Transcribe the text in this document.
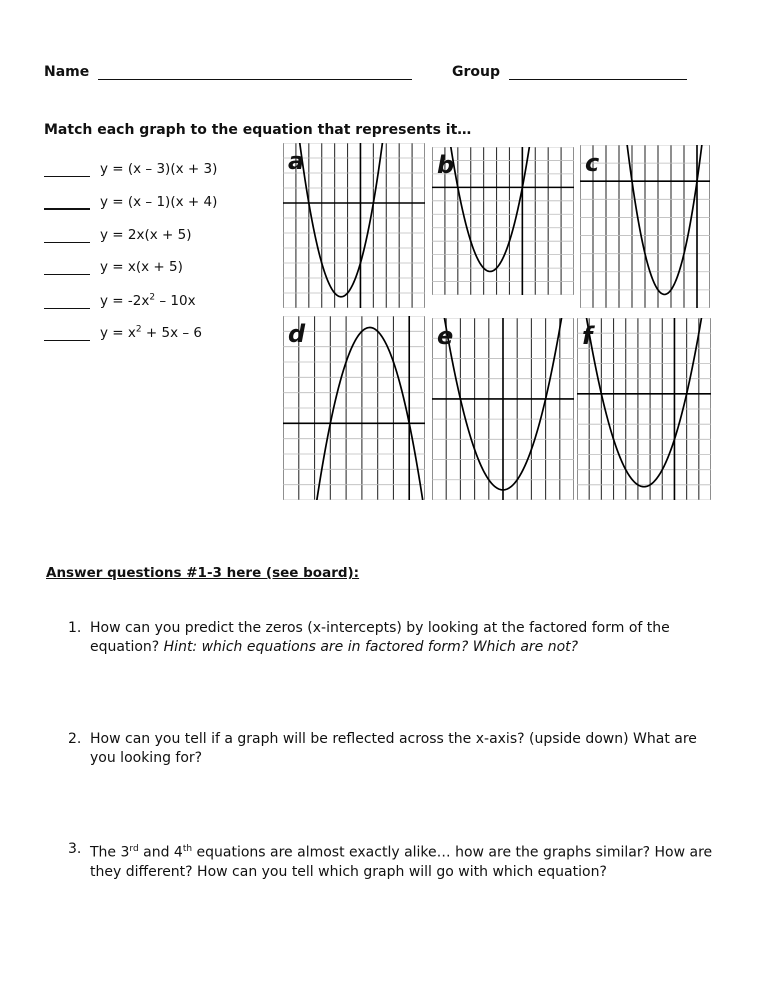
Name	Group
Match each graph to the equation that represents it…
y = (x – 3)(x + 3)
y = (x – 1)(x + 4)
y = 2x(x + 5)
y = x(x + 5)
$y = -2x^2 - 10x$
$y = x^2 + 5x - 6$
a	b	c
d	e	f
Answer questions #1-3 here (see board):
1. How can you predict the zeros (x-intercepts) by looking at the factored form of the equation? Hint: which equations are in factored form? Which are not?
2. How can you tell if a graph will be reflected across the x-axis? (upside down) What are you looking for?
3. The 3rd and 4th equations are almost exactly alike… how are the graphs similar? How are they different? How can you tell which graph will go with which equation?
